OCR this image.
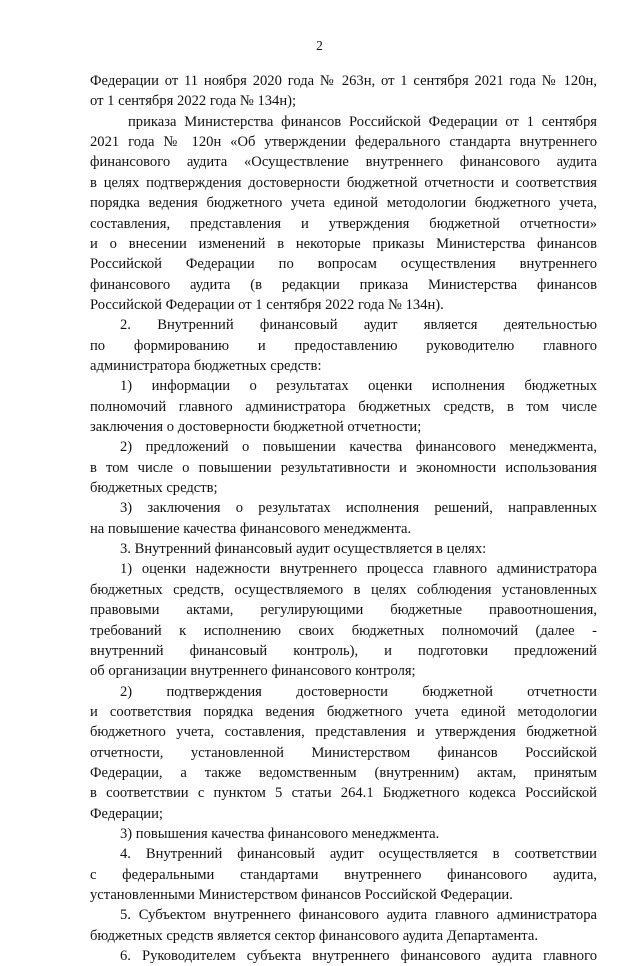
2
Федерации от 11 ноября 2020 года № 263н, от 1 сентября 2021 года № 120н,
от 1 сентября 2022 года № 134н);
приказа Министерства финансов Российской Федерации от 1 сентября
2021 года № 120н «Об утверждении федерального стандарта внутреннего
финансового аудита «Осуществление внутреннего финансового аудита
в целях подтверждения достоверности бюджетной отчетности и соответствия
порядка ведения бюджетного учета единой методологии бюджетного учета,
составления, представления и утверждения бюджетной отчетности»
и о внесении изменений в некоторые приказы Министерства финансов
Российской Федерации по вопросам осуществления внутреннего
финансового аудита (в редакции приказа Министерства финансов
Российской Федерации от 1 сентября 2022 года № 134н).
2. Внутренний финансовый аудит является деятельностью
по формированию и предоставлению руководителю главного
администратора бюджетных средств:
1) информации о результатах оценки исполнения бюджетных
полномочий главного администратора бюджетных средств, в том числе
заключения о достоверности бюджетной отчетности;
2) предложений о повышении качества финансового менеджмента,
в том числе о повышении результативности и экономности использования
бюджетных средств;
3) заключения о результатах исполнения решений, направленных
на повышение качества финансового менеджмента.
3. Внутренний финансовый аудит осуществляется в целях:
1) оценки надежности внутреннего процесса главного администратора
бюджетных средств, осуществляемого в целях соблюдения установленных
правовыми актами, регулирующими бюджетные правоотношения,
требований к исполнению своих бюджетных полномочий (далее -
внутренний финансовый контроль), и подготовки предложений
об организации внутреннего финансового контроля;
2) подтверждения достоверности бюджетной отчетности
и соответствия порядка ведения бюджетного учета единой методологии
бюджетного учета, составления, представления и утверждения бюджетной
отчетности, установленной Министерством финансов Российской
Федерации, а также ведомственным (внутренним) актам, принятым
в соответствии с пунктом 5 статьи 264.1 Бюджетного кодекса Российской
Федерации;
3) повышения качества финансового менеджмента.
4. Внутренний финансовый аудит осуществляется в соответствии
с федеральными стандартами внутреннего финансового аудита,
установленными Министерством финансов Российской Федерации.
5. Субъектом внутреннего финансового аудита главного администратора
бюджетных средств является сектор финансового аудита Департамента.
6. Руководителем субъекта внутреннего финансового аудита главного
